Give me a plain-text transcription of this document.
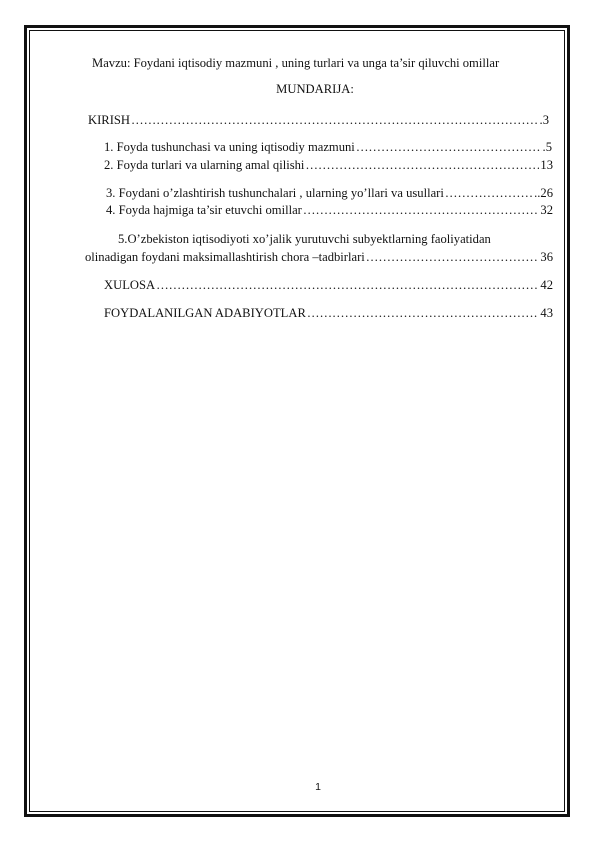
Mavzu: Foydani iqtisodiy mazmuni , uning turlari va unga ta’sir qiluvchi omillar
MUNDARIJA:
KIRISH ……………………………………………………………………………………………………………………………………………………	.3
1. Foyda tushunchasi va uning iqtisodiy mazmuni ……………………………………………………………………………………………………………………………………………………	.5
2. Foyda turlari va ularning amal qilishi ……………………………………………………………………………………………………………………………………………………	13
3. Foydani o’zlashtirish tushunchalari , ularning yo’llari va usullari ……………………………………………………………………………………………………………………………………………………	..26
4. Foyda hajmiga ta’sir etuvchi omillar ……………………………………………………………………………………………………………………………………………………	32
5.O’zbekiston iqtisodiyoti xo’jalik yurutuvchi subyektlarning faoliyatidan
olinadigan foydani maksimallashtirish chora –tadbirlari ……………………………………………………………………………………………………………………………………………………	36
XULOSA ……………………………………………………………………………………………………………………………………………………	42
FOYDALANILGAN ADABIYOTLAR ……………………………………………………………………………………………………………………………………………………	43
1
